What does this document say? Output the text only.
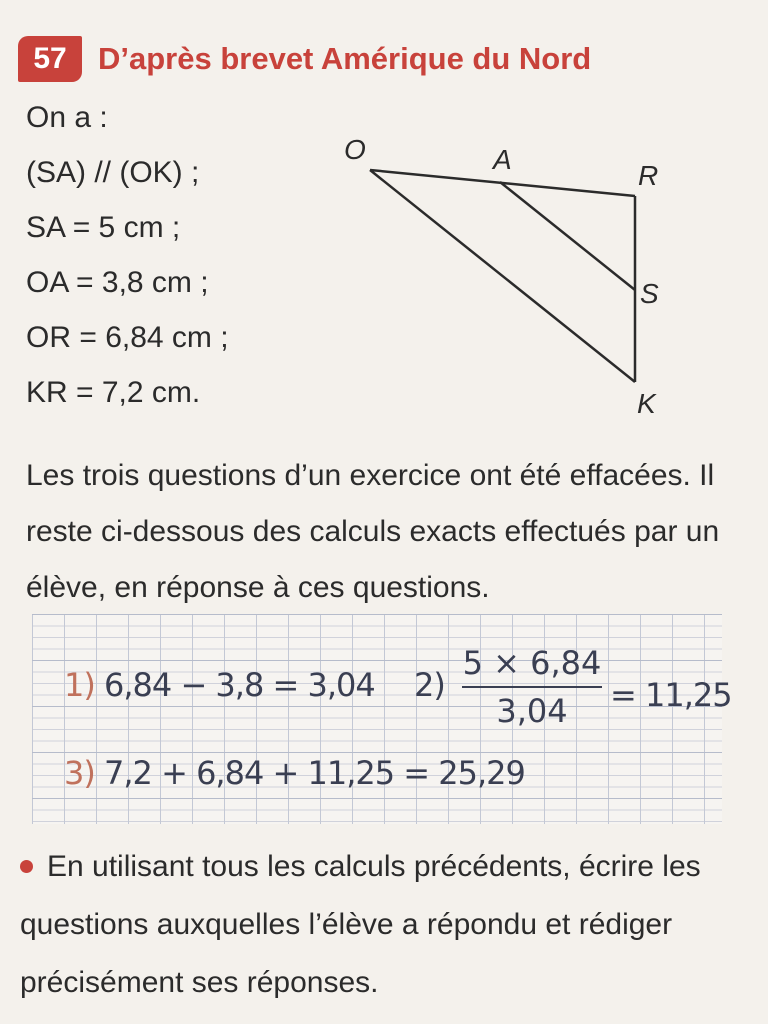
57	D’après brevet Amérique du Nord
On a :
(SA) // (OK) ;
SA = 5 cm ;
OA = 3,8 cm ;
OR = 6,84 cm ;
KR = 7,2 cm.
O	A
R
S
K
Les trois questions d’un exercice ont été effacées. Il reste ci-dessous des calculs exacts effectués par un élève, en réponse à ces questions.
1) 6,84 − 3,8 = 3,04 2)
5 × 6,84
3,04	= 11,25
3) 7,2 + 6,84 + 11,25 = 25,29
En utilisant tous les calculs précédents, écrire les questions auxquelles l’élève a répondu et rédiger précisément ses réponses.
